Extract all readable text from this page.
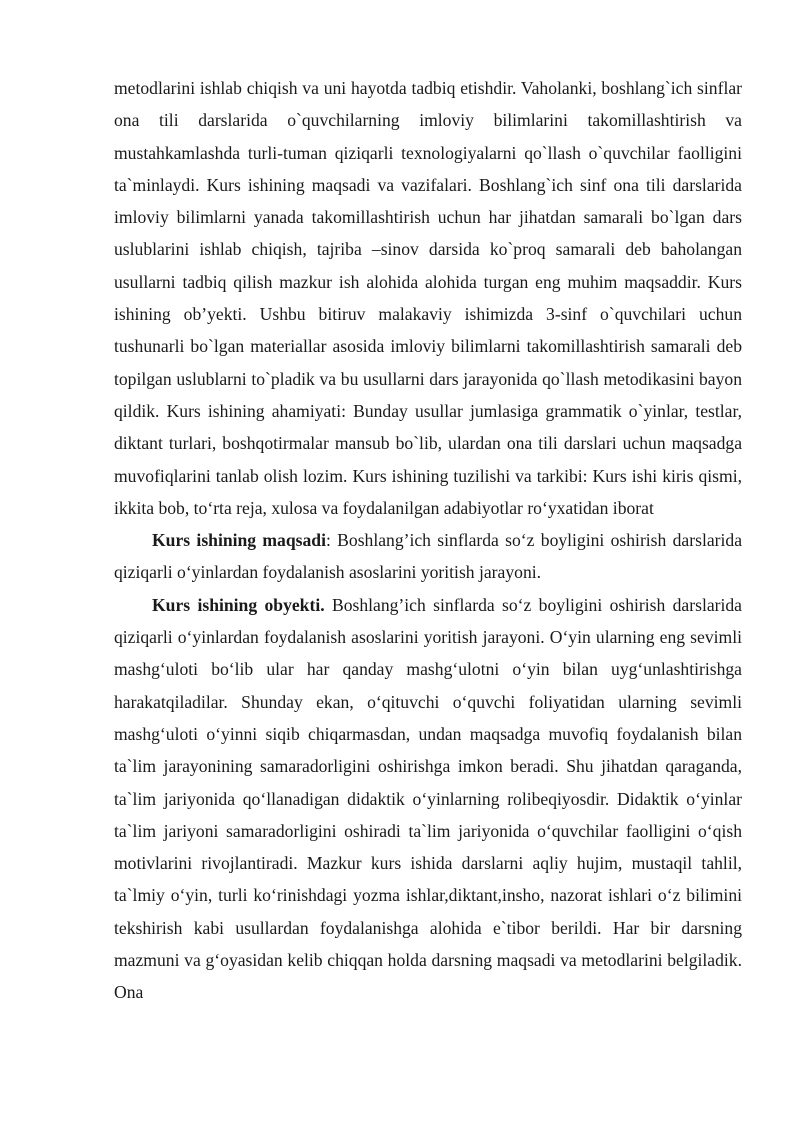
metodlarini ishlab chiqish va uni hayotda tadbiq etishdir. Vaholanki, boshlang`ich sinflar ona tili darslarida o`quvchilarning imloviy bilimlarini takomillashtirish va mustahkamlashda turli-tuman qiziqarli texnologiyalarni qo`llash o`quvchilar faolligini ta`minlaydi. Kurs ishining maqsadi va vazifalari. Boshlang`ich sinf ona tili darslarida imloviy bilimlarni yanada takomillashtirish uchun har jihatdan samarali bo`lgan dars uslublarini ishlab chiqish, tajriba –sinov darsida ko`proq samarali deb baholangan usullarni tadbiq qilish mazkur ish alohida alohida turgan eng muhim maqsaddir. Kurs ishining ob’yekti. Ushbu bitiruv malakaviy ishimizda 3-sinf o`quvchilari uchun tushunarli bo`lgan materiallar asosida imloviy bilimlarni takomillashtirish samarali deb topilgan uslublarni to`pladik va bu usullarni dars jarayonida qo`llash metodikasini bayon qildik. Kurs ishining ahamiyati: Bunday usullar jumlasiga grammatik o`yinlar, testlar, diktant turlari, boshqotirmalar mansub bo`lib, ulardan ona tili darslari uchun maqsadga muvofiqlarini tanlab olish lozim. Kurs ishining tuzilishi va tarkibi: Kurs ishi kiris qismi, ikkita bob, to‘rta reja, xulosa va foydalanilgan adabiyotlar ro‘yxatidan iborat

Kurs ishining maqsadi: Boshlang’ich sinflarda so‘z boyligini oshirish darslarida qiziqarli o‘yinlardan foydalanish asoslarini yoritish jarayoni.

Kurs ishining obyekti. Boshlang’ich sinflarda so‘z boyligini oshirish darslarida qiziqarli o‘yinlardan foydalanish asoslarini yoritish jarayoni. O‘yin ularning eng sevimli mashg‘uloti bo‘lib ular har qanday mashg‘ulotni o‘yin bilan uyg‘unlashtirishga harakatqiladilar. Shunday ekan, o‘qituvchi o‘quvchi foliyatidan ularning sevimli mashg‘uloti o‘yinni siqib chiqarmasdan, undan maqsadga muvofiq foydalanish bilan ta`lim jarayonining samaradorligini oshirishga imkon beradi. Shu jihatdan qaraganda, ta`lim jariyonida qo‘llanadigan didaktik o‘yinlarning rolibeqiyosdir. Didaktik o‘yinlar ta`lim jariyoni samaradorligini oshiradi ta`lim jariyonida o‘quvchilar faolligini o‘qish motivlarini rivojlantiradi. Mazkur kurs ishida darslarni aqliy hujim, mustaqil tahlil, ta`lmiy o‘yin, turli ko‘rinishdagi yozma ishlar,diktant,insho, nazorat ishlari o‘z bilimini tekshirish kabi usullardan foydalanishga alohida e`tibor berildi. Har bir darsning mazmuni va g‘oyasidan kelib chiqqan holda darsning maqsadi va metodlarini belgiladik. Ona
